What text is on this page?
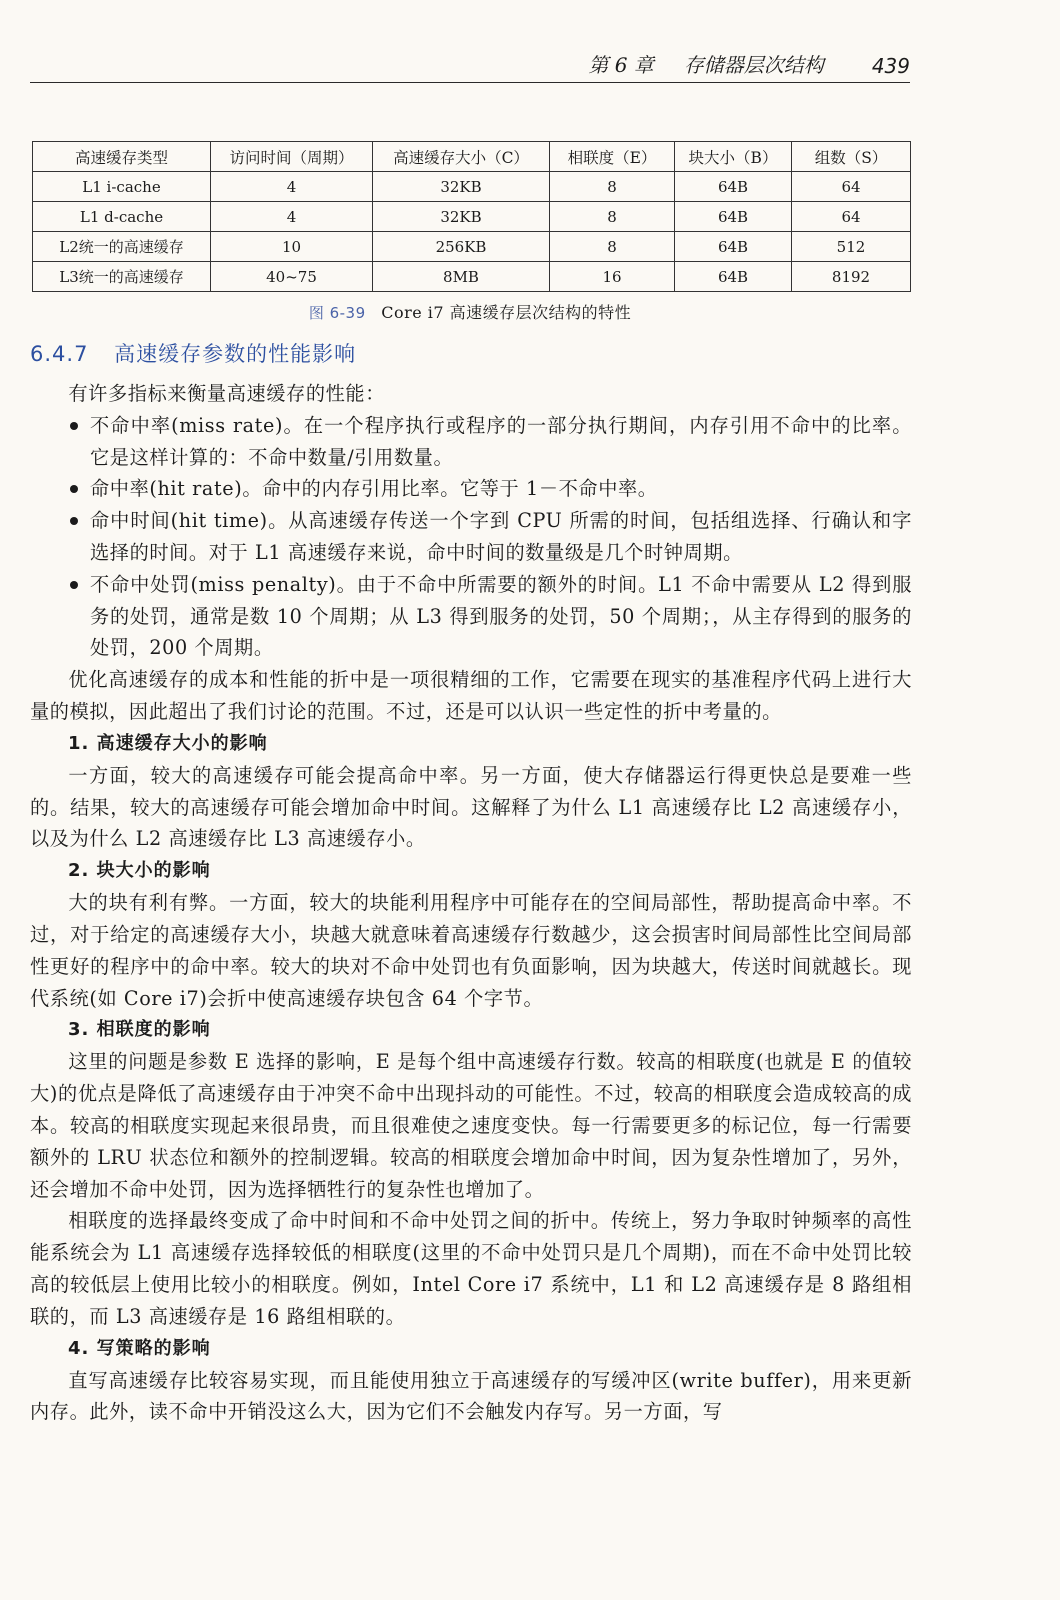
第 6 章 存储器层次结构 439
高速缓存类型	访问时间（周期）	高速缓存大小（C）	相联度（E）	块大小（B）	组数（S）
L1 i-cache	4	32KB	8	64B	64
L1 d-cache	4	32KB	8	64B	64
L2统一的高速缓存	10	256KB	8	64B	512
L3统一的高速缓存	40~75	8MB	16	64B	8192
图 6-39 Core i7 高速缓存层次结构的特性
6.4.7 高速缓存参数的性能影响

有许多指标来衡量高速缓存的性能：

不命中率(miss rate)。在一个程序执行或程序的一部分执行期间，内存引用不命中的比率。它是这样计算的：不命中数量/引用数量。
命中率(hit rate)。命中的内存引用比率。它等于 1－不命中率。
命中时间(hit time)。从高速缓存传送一个字到 CPU 所需的时间，包括组选择、行确认和字选择的时间。对于 L1 高速缓存来说，命中时间的数量级是几个时钟周期。
不命中处罚(miss penalty)。由于不命中所需要的额外的时间。L1 不命中需要从 L2 得到服务的处罚，通常是数 10 个周期；从 L3 得到服务的处罚，50 个周期；，从主存得到的服务的处罚，200 个周期。

优化高速缓存的成本和性能的折中是一项很精细的工作，它需要在现实的基准程序代码上进行大量的模拟，因此超出了我们讨论的范围。不过，还是可以认识一些定性的折中考量的。

1. 高速缓存大小的影响

一方面，较大的高速缓存可能会提高命中率。另一方面，使大存储器运行得更快总是要难一些的。结果，较大的高速缓存可能会增加命中时间。这解释了为什么 L1 高速缓存比 L2 高速缓存小，以及为什么 L2 高速缓存比 L3 高速缓存小。

2. 块大小的影响

大的块有利有弊。一方面，较大的块能利用程序中可能存在的空间局部性，帮助提高命中率。不过，对于给定的高速缓存大小，块越大就意味着高速缓存行数越少，这会损害时间局部性比空间局部性更好的程序中的命中率。较大的块对不命中处罚也有负面影响，因为块越大，传送时间就越长。现代系统(如 Core i7)会折中使高速缓存块包含 64 个字节。

3. 相联度的影响

这里的问题是参数 E 选择的影响，E 是每个组中高速缓存行数。较高的相联度(也就是 E 的值较大)的优点是降低了高速缓存由于冲突不命中出现抖动的可能性。不过，较高的相联度会造成较高的成本。较高的相联度实现起来很昂贵，而且很难使之速度变快。每一行需要更多的标记位，每一行需要额外的 LRU 状态位和额外的控制逻辑。较高的相联度会增加命中时间，因为复杂性增加了，另外，还会增加不命中处罚，因为选择牺牲行的复杂性也增加了。

相联度的选择最终变成了命中时间和不命中处罚之间的折中。传统上，努力争取时钟频率的高性能系统会为 L1 高速缓存选择较低的相联度(这里的不命中处罚只是几个周期)，而在不命中处罚比较高的较低层上使用比较小的相联度。例如，Intel Core i7 系统中，L1 和 L2 高速缓存是 8 路组相联的，而 L3 高速缓存是 16 路组相联的。

4. 写策略的影响

直写高速缓存比较容易实现，而且能使用独立于高速缓存的写缓冲区(write buffer)，用来更新内存。此外，读不命中开销没这么大，因为它们不会触发内存写。另一方面，写
